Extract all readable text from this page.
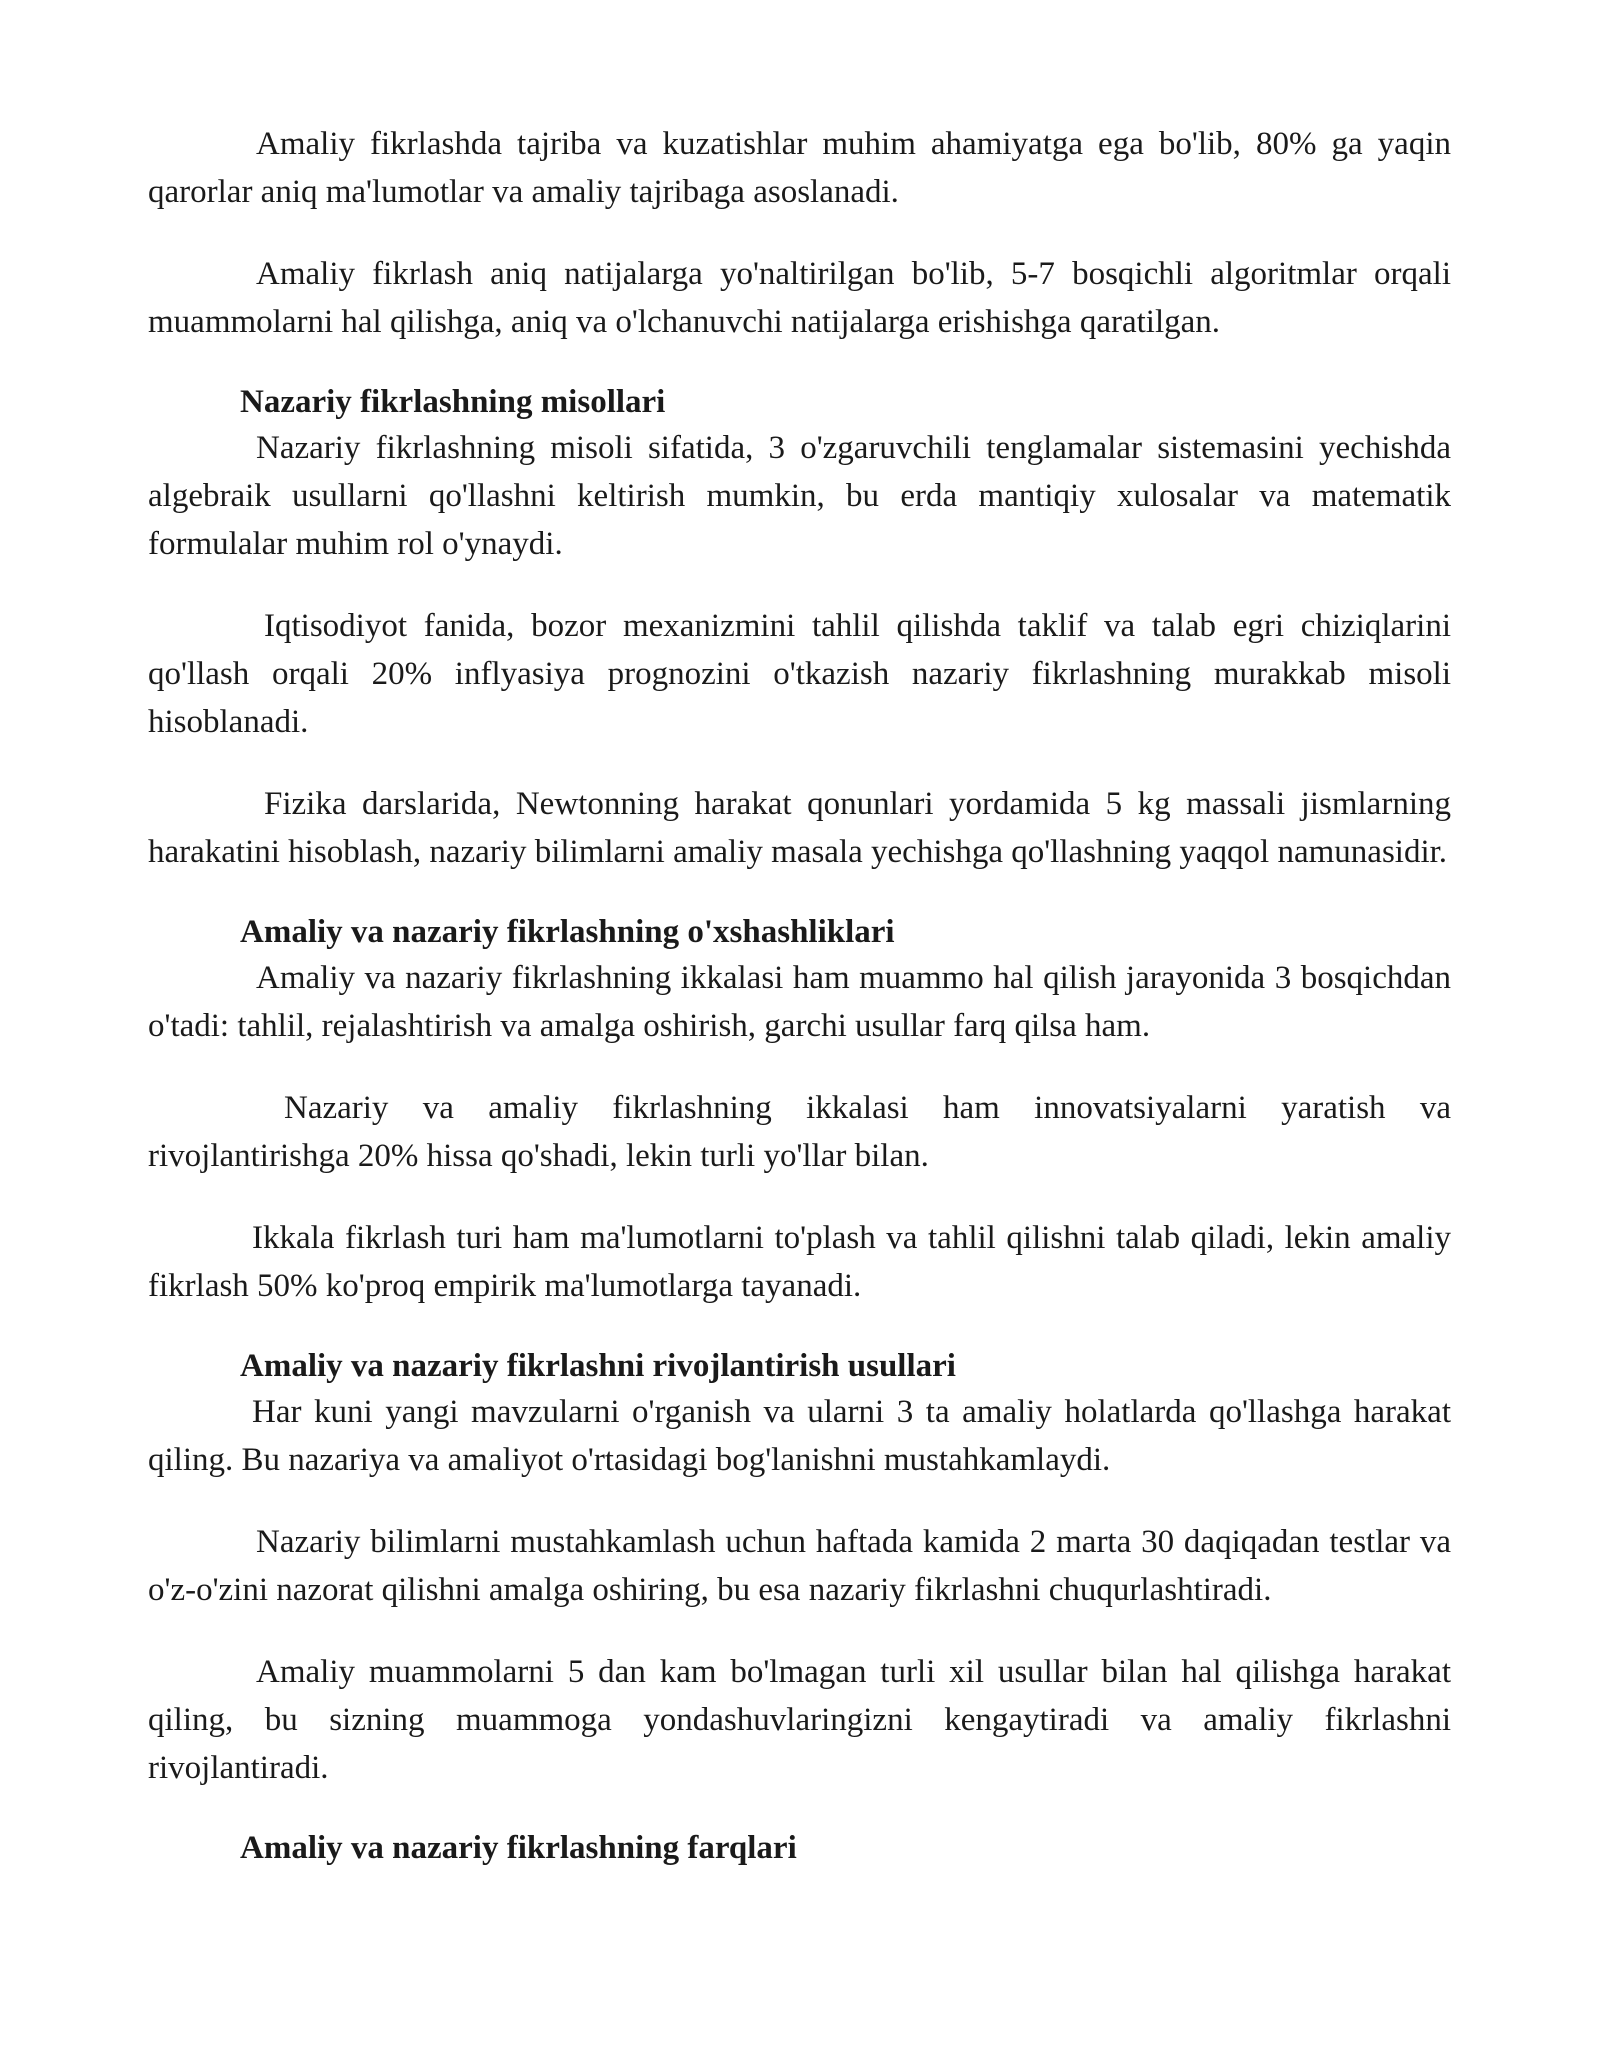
Amaliy fikrlashda tajriba va kuzatishlar muhim ahamiyatga ega bo'lib, 80% ga yaqin qarorlar aniq ma'lumotlar va amaliy tajribaga asoslanadi.

Amaliy fikrlash aniq natijalarga yo'naltirilgan bo'lib, 5-7 bosqichli algoritmlar orqali muammolarni hal qilishga, aniq va o'lchanuvchi natijalarga erishishga qaratilgan.

Nazariy fikrlashning misollari

Nazariy fikrlashning misoli sifatida, 3 o'zgaruvchili tenglamalar sistemasini yechishda algebraik usullarni qo'llashni keltirish mumkin, bu erda mantiqiy xulosalar va matematik formulalar muhim rol o'ynaydi.

Iqtisodiyot fanida, bozor mexanizmini tahlil qilishda taklif va talab egri chiziqlarini qo'llash orqali 20% inflyasiya prognozini o'tkazish nazariy fikrlashning murakkab misoli hisoblanadi.

Fizika darslarida, Newtonning harakat qonunlari yordamida 5 kg massali jismlarning harakatini hisoblash, nazariy bilimlarni amaliy masala yechishga qo'llashning yaqqol namunasidir.

Amaliy va nazariy fikrlashning o'xshashliklari

Amaliy va nazariy fikrlashning ikkalasi ham muammo hal qilish jarayonida 3 bosqichdan o'tadi: tahlil, rejalashtirish va amalga oshirish, garchi usullar farq qilsa ham.

Nazariy va amaliy fikrlashning ikkalasi ham innovatsiyalarni yaratish va rivojlantirishga 20% hissa qo'shadi, lekin turli yo'llar bilan.

Ikkala fikrlash turi ham ma'lumotlarni to'plash va tahlil qilishni talab qiladi, lekin amaliy fikrlash 50% ko'proq empirik ma'lumotlarga tayanadi.

Amaliy va nazariy fikrlashni rivojlantirish usullari

Har kuni yangi mavzularni o'rganish va ularni 3 ta amaliy holatlarda qo'llashga harakat qiling. Bu nazariya va amaliyot o'rtasidagi bog'lanishni mustahkamlaydi.

Nazariy bilimlarni mustahkamlash uchun haftada kamida 2 marta 30 daqiqadan testlar va o'z-o'zini nazorat qilishni amalga oshiring, bu esa nazariy fikrlashni chuqurlashtiradi.

Amaliy muammolarni 5 dan kam bo'lmagan turli xil usullar bilan hal qilishga harakat qiling, bu sizning muammoga yondashuvlaringizni kengaytiradi va amaliy fikrlashni rivojlantiradi.

Amaliy va nazariy fikrlashning farqlari
